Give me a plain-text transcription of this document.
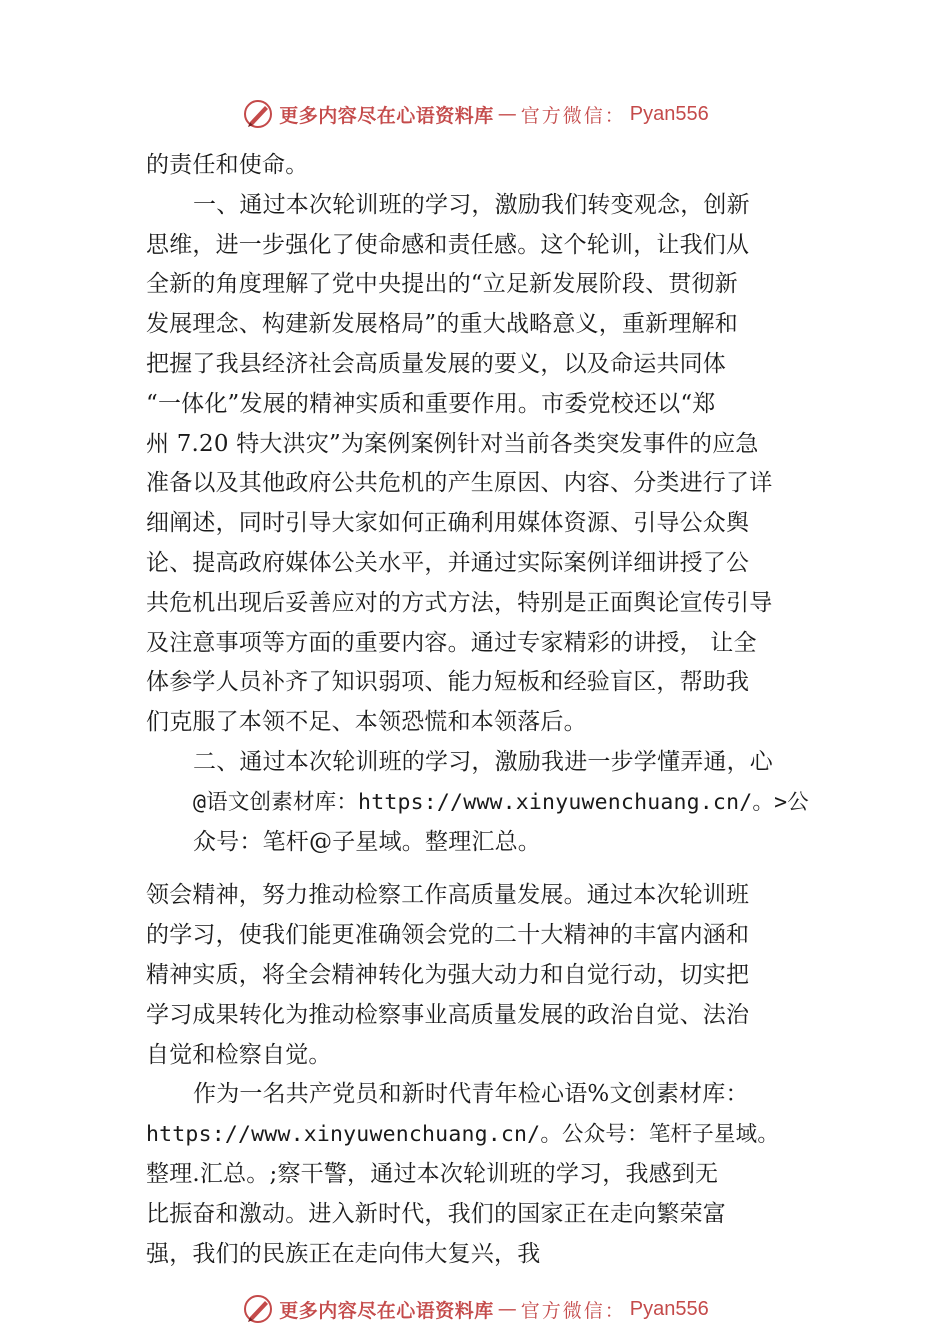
更多内容尽在心语资料库 — 官方微信： Pyan556
的责任和使命。
一、通过本次轮训班的学习，激励我们转变观念，创新
思维，进一步强化了使命感和责任感。这个轮训，让我们从
全新的角度理解了党中央提出的“立足新发展阶段、贯彻新
发展理念、构建新发展格局”的重大战略意义，重新理解和
把握了我县经济社会高质量发展的要义，以及命运共同体
“一体化”发展的精神实质和重要作用。市委党校还以“郑
州 7.20 特大洪灾”为案例案例针对当前各类突发事件的应急
准备以及其他政府公共危机的产生原因、内容、分类进行了详
细阐述，同时引导大家如何正确利用媒体资源、引导公众舆
论、提高政府媒体公关水平，并通过实际案例详细讲授了公
共危机出现后妥善应对的方式方法，特别是正面舆论宣传引导
及注意事项等方面的重要内容。通过专家精彩的讲授， 让全
体参学人员补齐了知识弱项、能力短板和经验盲区，帮助我
们克服了本领不足、本领恐慌和本领落后。
二、通过本次轮训班的学习，激励我进一步学懂弄通，心
@语文创素材库：https://www.xinyuwenchuang.cn/。>公
众号：笔杆@子星域。整理汇总。
领会精神，努力推动检察工作高质量发展。通过本次轮训班
的学习，使我们能更准确领会党的二十大精神的丰富内涵和
精神实质，将全会精神转化为强大动力和自觉行动，切实把
学习成果转化为推动检察事业高质量发展的政治自觉、法治
自觉和检察自觉。
作为一名共产党员和新时代青年检心语%文创素材库：
https://www.xinyuwenchuang.cn/。公众号：笔杆子星域。
整理.汇总。;察干警，通过本次轮训班的学习，我感到无
比振奋和激动。进入新时代，我们的国家正在走向繁荣富
强，我们的民族正在走向伟大复兴，我
更多内容尽在心语资料库 — 官方微信： Pyan556
